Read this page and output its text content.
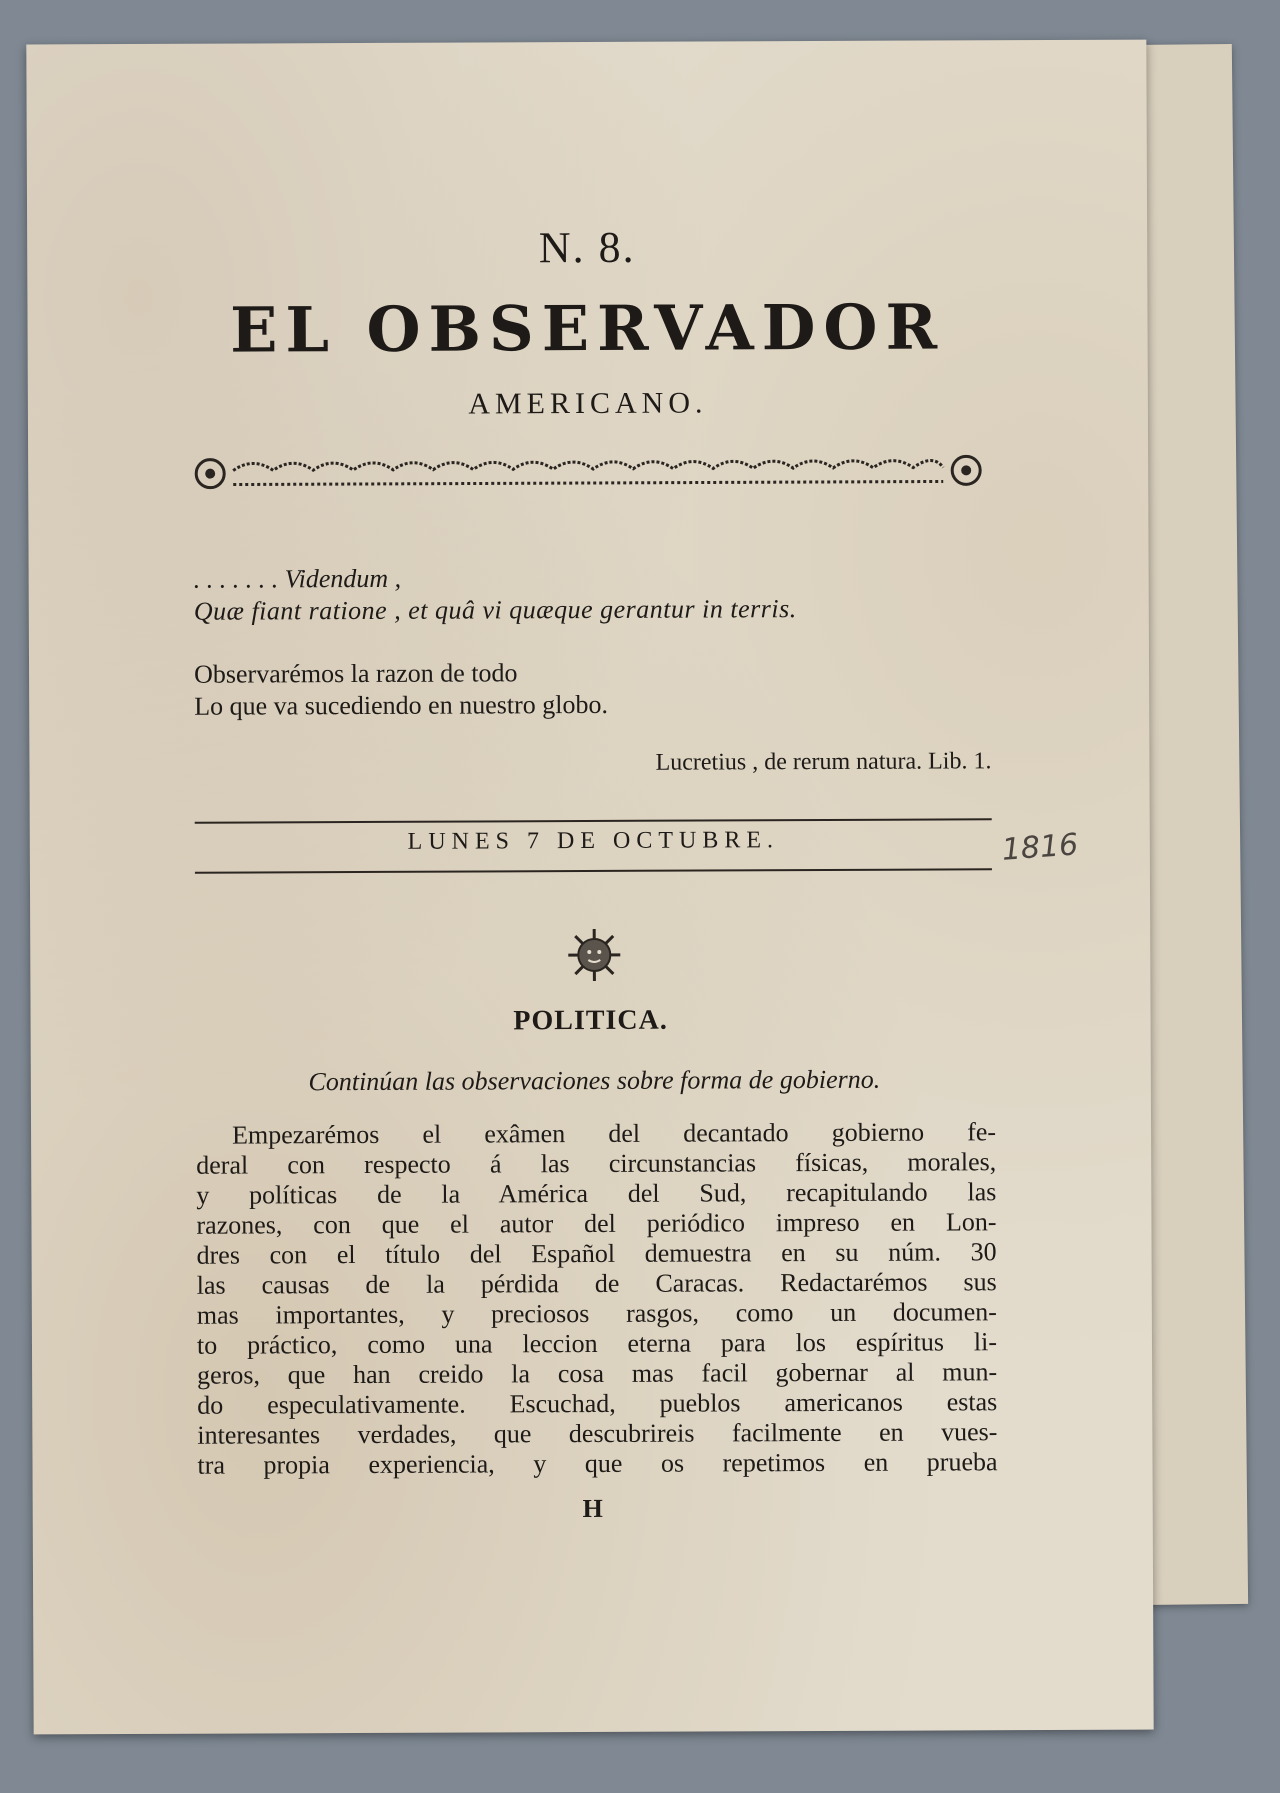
N. 8.
EL OBSERVADOR
AMERICANO.
. . . . . . . Videndum ,
Quæ fiant ratione , et quâ vi quæque gerantur in terris.
Observarémos la razon de todo
Lo que va sucediendo en nuestro globo.
Lucretius , de rerum natura. Lib. 1.
LUNES 7 DE OCTUBRE.	1816
POLITICA.
Continúan las observaciones sobre forma de gobierno.
Empezarémos el exâmen del decantado gobierno fe-
deral con respecto á las circunstancias físicas, morales,
y políticas de la América del Sud, recapitulando las
razones, con que el autor del periódico impreso en Lon-
dres con el título del Español demuestra en su núm. 30
las causas de la pérdida de Caracas. Redactarémos sus
mas importantes, y preciosos rasgos, como un documen-
to práctico, como una leccion eterna para los espíritus li-
geros, que han creido la cosa mas facil gobernar al mun-
do especulativamente. Escuchad, pueblos americanos estas
interesantes verdades, que descubrireis facilmente en vues-
tra propia experiencia, y que os repetimos en prueba
H
